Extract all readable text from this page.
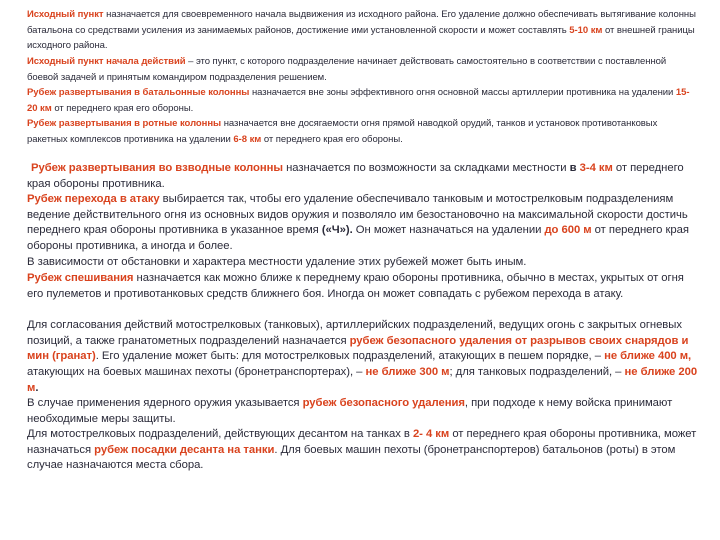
Исходный пункт назначается для своевременного начала выдвижения из исходного района. Его удаление должно обеспечивать вытягивание колонны батальона со средствами усиления из занимаемых районов, достижение ими установленной скорости и может составлять 5-10 км от внешней границы исходного района.

Исходный пункт начала действий – это пункт, с которого подразделение начинает действовать самостоятельно в соответствии с поставленной боевой задачей и принятым командиром подразделения решением.

Рубеж развертывания в батальонные колонны назначается вне зоны эффективного огня основной массы артиллерии противника на удалении 15-20 км от переднего края его обороны.

Рубеж развертывания в ротные колонны назначается вне досягаемости огня прямой наводкой орудий, танков и установок противотанковых ракетных комплексов противника на удалении 6-8 км от переднего края его обороны.

Рубеж развертывания во взводные колонны назначается по возможности за складками местности в 3-4 км от переднего края обороны противника.

Рубеж перехода в атаку выбирается так, чтобы его удаление обеспечивало танковым и мотострелковым подразделениям ведение действительного огня из основных видов оружия и позволяло им безостановочно на максимальной скорости достичь переднего края обороны противника в указанное время («Ч»). Он может назначаться на удалении до 600 м от переднего края обороны противника, а иногда и более.

В зависимости от обстановки и характера местности удаление этих рубежей может быть иным.

Рубеж спешивания назначается как можно ближе к переднему краю обороны противника, обычно в местах, укрытых от огня его пулеметов и противотанковых средств ближнего боя. Иногда он может совпадать с рубежом перехода в атаку.

Для согласования действий мотострелковых (танковых), артиллерийских подразделений, ведущих огонь с закрытых огневых позиций, а также гранатометных подразделений назначается рубеж безопасного удаления от разрывов своих снарядов и мин (гранат). Его удаление может быть: для мотострелковых подразделений, атакующих в пешем порядке, – не ближе 400 м, атакующих на боевых машинах пехоты (бронетранспортерах), – не ближе 300 м; для танковых подразделений, – не ближе 200 м.

В случае применения ядерного оружия указывается рубеж безопасного удаления, при подходе к нему войска принимают необходимые меры защиты.

Для мотострелковых подразделений, действующих десантом на танках в 2- 4 км от переднего края обороны противника, может назначаться рубеж посадки десанта на танки. Для боевых машин пехоты (бронетранспортеров) батальонов (роты) в этом случае назначаются места сбора.
